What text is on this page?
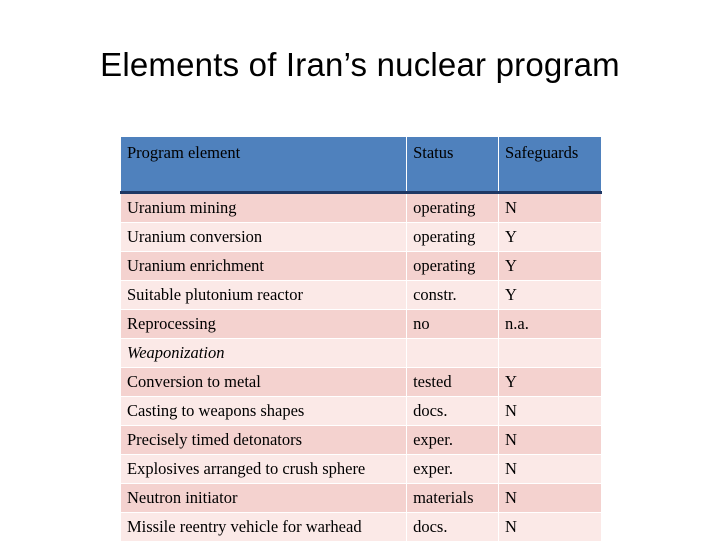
Elements of Iran’s nuclear program
Program element	Status	Safeguards
Uranium mining	operating	N
Uranium conversion	operating	Y
Uranium enrichment	operating	Y
Suitable plutonium reactor	constr.	Y
Reprocessing	no	n.a.
Weaponization		
Conversion to metal	tested	Y
Casting to weapons shapes	docs.	N
Precisely timed detonators	exper.	N
Explosives arranged to crush sphere	exper.	N
Neutron initiator	materials	N
Missile reentry vehicle for warhead	docs.	N
